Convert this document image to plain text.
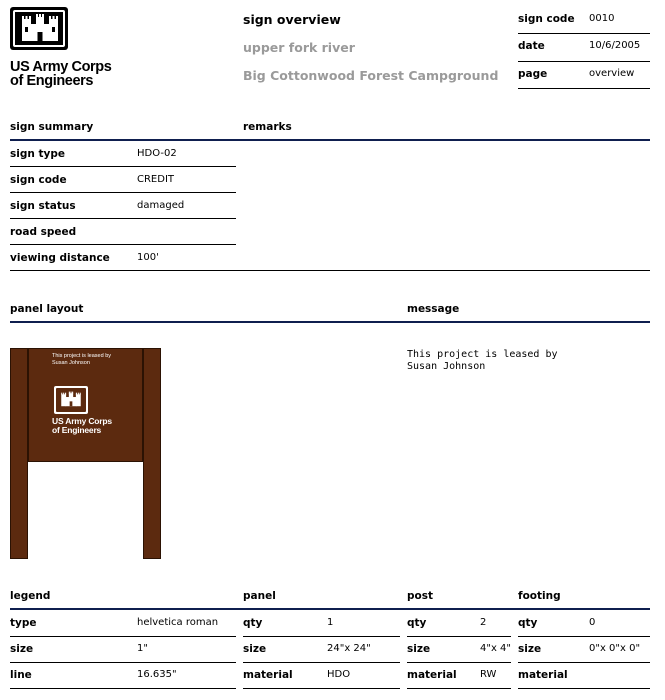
US Army Corps
of Engineers
sign overview
upper fork river
Big Cottonwood Forest Campground
sign code 0010
date	10/6/2005
page	overview
sign summary	remarks
sign type	HDO-02
sign code	CREDIT
sign status	damaged
road speed
viewing distance	100'
panel layout	message
This project is leased by
Susan Johnson
US Army Corps
of Engineers
This project is leased by
Susan Johnson
legend	panel	post	footing
type	helvetica roman
size	1"
line	16.635"
qty	1
size	24"x 24"
material	HDO
qty	2
size	4"x 4"
material RW
qty	0
size	0"x 0"x 0"
material
